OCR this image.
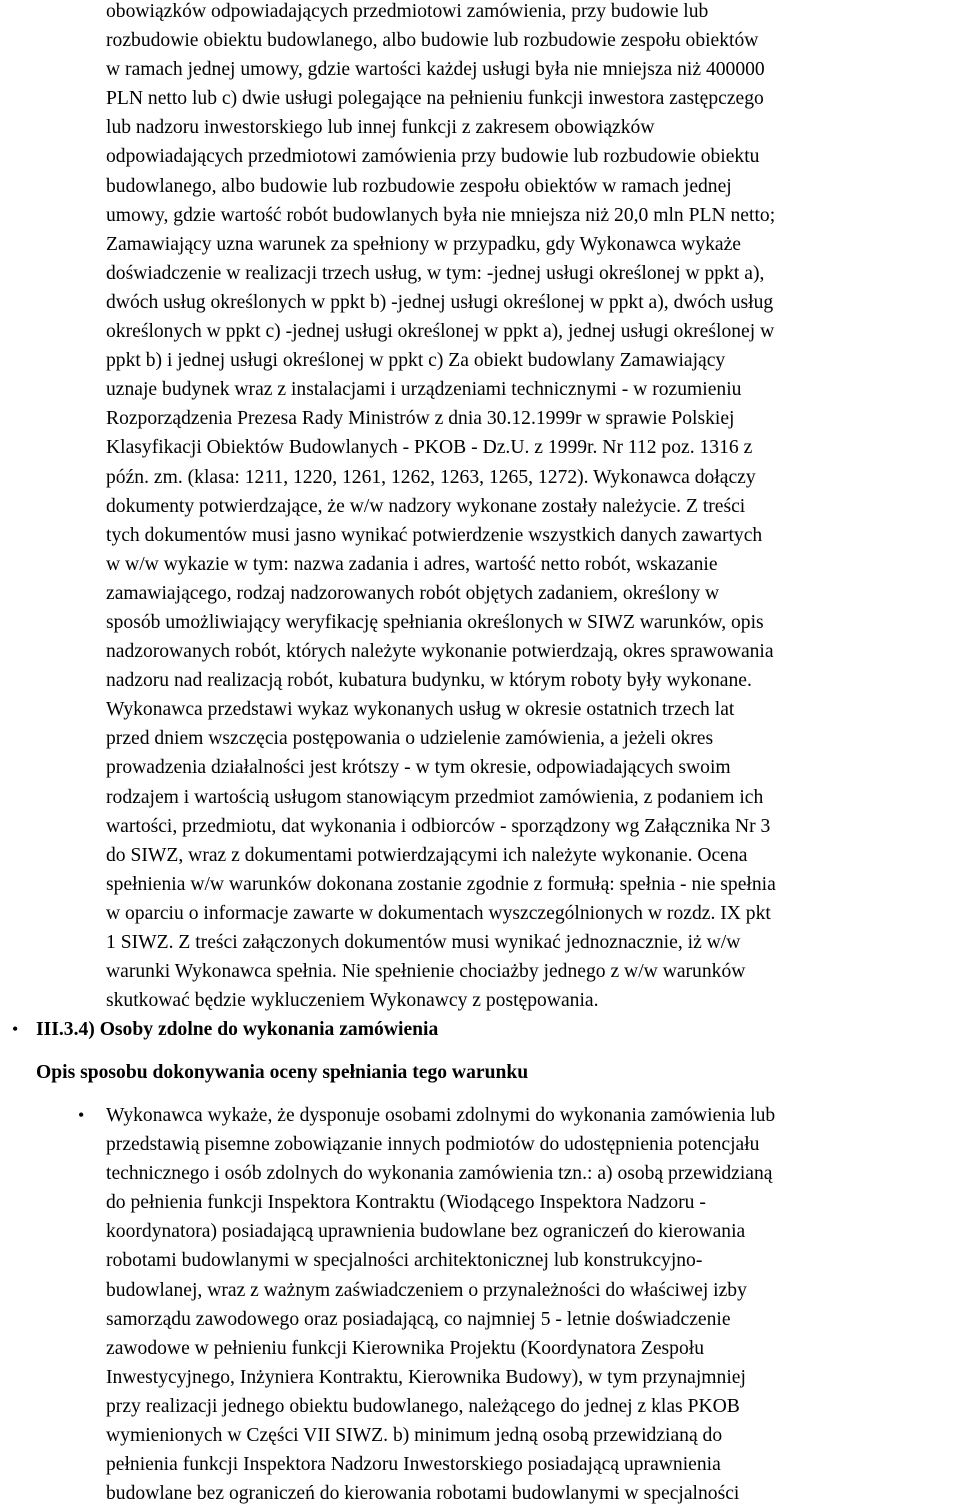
obowiązków odpowiadających przedmiotowi zamówienia, przy budowie lub
rozbudowie obiektu budowlanego, albo budowie lub rozbudowie zespołu obiektów
w ramach jednej umowy, gdzie wartości każdej usługi była nie mniejsza niż 400000
PLN netto lub c) dwie usługi polegające na pełnieniu funkcji inwestora zastępczego
lub nadzoru inwestorskiego lub innej funkcji z zakresem obowiązków
odpowiadających przedmiotowi zamówienia przy budowie lub rozbudowie obiektu
budowlanego, albo budowie lub rozbudowie zespołu obiektów w ramach jednej
umowy, gdzie wartość robót budowlanych była nie mniejsza niż 20,0 mln PLN netto;
Zamawiający uzna warunek za spełniony w przypadku, gdy Wykonawca wykaże
doświadczenie w realizacji trzech usług, w tym: -jednej usługi określonej w ppkt a),
dwóch usług określonych w ppkt b) -jednej usługi określonej w ppkt a), dwóch usług
określonych w ppkt c) -jednej usługi określonej w ppkt a), jednej usługi określonej w
ppkt b) i jednej usługi określonej w ppkt c) Za obiekt budowlany Zamawiający
uznaje budynek wraz z instalacjami i urządzeniami technicznymi - w rozumieniu
Rozporządzenia Prezesa Rady Ministrów z dnia 30.12.1999r w sprawie Polskiej
Klasyfikacji Obiektów Budowlanych - PKOB - Dz.U. z 1999r. Nr 112 poz. 1316 z
późn. zm. (klasa: 1211, 1220, 1261, 1262, 1263, 1265, 1272). Wykonawca dołączy
dokumenty potwierdzające, że w/w nadzory wykonane zostały należycie. Z treści
tych dokumentów musi jasno wynikać potwierdzenie wszystkich danych zawartych
w w/w wykazie w tym: nazwa zadania i adres, wartość netto robót, wskazanie
zamawiającego, rodzaj nadzorowanych robót objętych zadaniem, określony w
sposób umożliwiający weryfikację spełniania określonych w SIWZ warunków, opis
nadzorowanych robót, których należyte wykonanie potwierdzają, okres sprawowania
nadzoru nad realizacją robót, kubatura budynku, w którym roboty były wykonane.
Wykonawca przedstawi wykaz wykonanych usług w okresie ostatnich trzech lat
przed dniem wszczęcia postępowania o udzielenie zamówienia, a jeżeli okres
prowadzenia działalności jest krótszy - w tym okresie, odpowiadających swoim
rodzajem i wartością usługom stanowiącym przedmiot zamówienia, z podaniem ich
wartości, przedmiotu, dat wykonania i odbiorców - sporządzony wg Załącznika Nr 3
do SIWZ, wraz z dokumentami potwierdzającymi ich należyte wykonanie. Ocena
spełnienia w/w warunków dokonana zostanie zgodnie z formułą: spełnia - nie spełnia
w oparciu o informacje zawarte w dokumentach wyszczególnionych w rozdz. IX pkt
1 SIWZ. Z treści załączonych dokumentów musi wynikać jednoznacznie, iż w/w
warunki Wykonawca spełnia. Nie spełnienie chociażby jednego z w/w warunków
skutkować będzie wykluczeniem Wykonawcy z postępowania.

• III.3.4) Osoby zdolne do wykonania zamówienia
Opis sposobu dokonywania oceny spełniania tego warunku
• Wykonawca wykaże, że dysponuje osobami zdolnymi do wykonania zamówienia lub
przedstawią pisemne zobowiązanie innych podmiotów do udostępnienia potencjału
technicznego i osób zdolnych do wykonania zamówienia tzn.: a) osobą przewidzianą
do pełnienia funkcji Inspektora Kontraktu (Wiodącego Inspektora Nadzoru -
koordynatora) posiadającą uprawnienia budowlane bez ograniczeń do kierowania
robotami budowlanymi w specjalności architektonicznej lub konstrukcyjno-
budowlanej, wraz z ważnym zaświadczeniem o przynależności do właściwej izby
samorządu zawodowego oraz posiadającą, co najmniej 5 - letnie doświadczenie
zawodowe w pełnieniu funkcji Kierownika Projektu (Koordynatora Zespołu
Inwestycyjnego, Inżyniera Kontraktu, Kierownika Budowy), w tym przynajmniej
przy realizacji jednego obiektu budowlanego, należącego do jednej z klas PKOB
wymienionych w Części VII SIWZ. b) minimum jedną osobą przewidzianą do
pełnienia funkcji Inspektora Nadzoru Inwestorskiego posiadającą uprawnienia
budowlane bez ograniczeń do kierowania robotami budowlanymi w specjalności
